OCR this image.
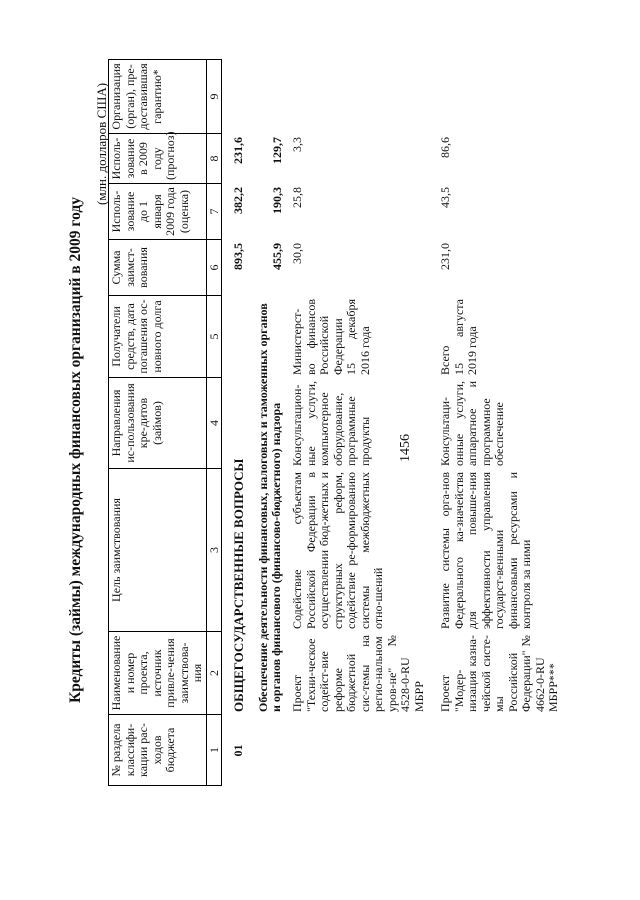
1456
Кредиты (займы) международных финансовых организаций в 2009 году
(млн. долларов США)
№ раздела классифи-кации рас-ходов бюджета	Наименование и номер проекта, источник привле-чения заимствова-ния	Цель заимствования	Направления ис-пользования кре-дитов (займов)	Получатели средств, дата погашения ос-новного долга	Сумма заимст-вования	Исполь-зование до 1 января 2009 года (оценка)	Исполь-зование в 2009 году (прогноз)	Организация (орган), пре-доставившая гарантию*
1	2	3	4	5	6	7	8	9
01	ОБЩЕГОСУДАРСТВЕННЫЕ ВОПРОСЫ				893,5	382,2	231,6	
	Обеспечение деятельности финансовых, налоговых и таможенных органов и органов финансового (финансово-бюджетного) надзора				455,9	190,3	129,7	
	Проект "Техни-ческое содейст-вие реформе бюджетной сис-темы на регио-нальном уров-не" № 4528-0-RU МБРР	Содействие субъектам Российской Федерации в осуществлении бюд-жетных и структурных реформ, содействие ре-формированию системы межбюджетных отно-шений	Консультацион-ные услуги, компьютерное оборудование, программные продукты	Министерст-во финансов Российской Федерации 15 декабря 2016 года	30,0	25,8	3,3	
	Проект "Модер-низация казна-чейской систе-мы Российской Федерации" № 4662-0-RU МБРР***	Развитие системы орга-нов Федерального ка-значейства для повыше-ния эффективности управления государст-венными финансовыми ресурсами и контроля за ними	Консультаци-онные услуги, аппаратное и программное обеспечение	Всего 15 августа 2019 года	231,0	43,5	86,6	
